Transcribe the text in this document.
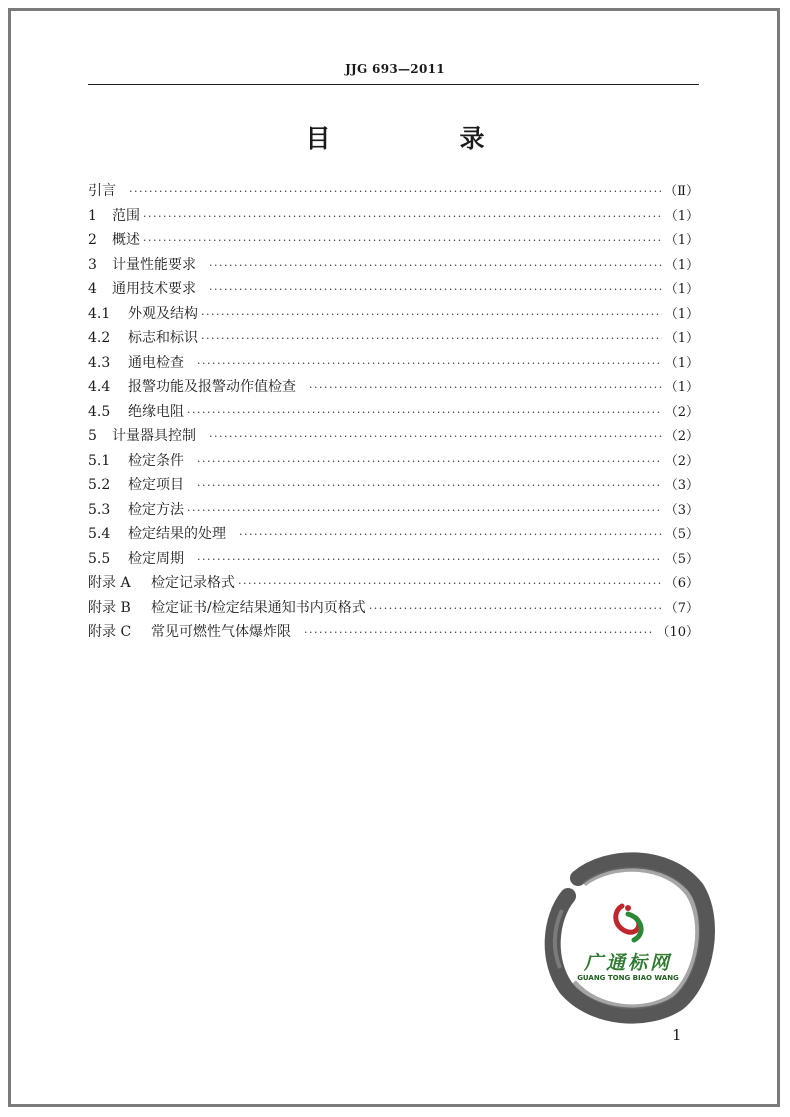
JJG 693—2011
目　录
引言 ·····	（Ⅱ）
1	范围 ·····	（1）
2	概述 ·····	（1）
3	计量性能要求 ·····	（1）
4	通用技术要求 ·····	（1）
4.1	外观及结构 ·····	（1）
4.2	标志和标识 ·····	（1）
4.3	通电检查 ·····	（1）
4.4	报警功能及报警动作值检查 ·····	（1）
4.5	绝缘电阻 ·····	（2）
5	计量器具控制 ·····	（2）
5.1	检定条件 ·····	（2）
5.2	检定项目 ·····	（3）
5.3	检定方法 ·····	（3）
5.4	检定结果的处理 ·····	（5）
5.5	检定周期 ·····	（5）
附录 A	检定记录格式 ·····	（6）
附录 B	检定证书/检定结果通知书内页格式 ·····	（7）
附录 C	常见可燃性气体爆炸限 ·····	（10）
广通标网
GUANG TONG BIAO WANG
1
